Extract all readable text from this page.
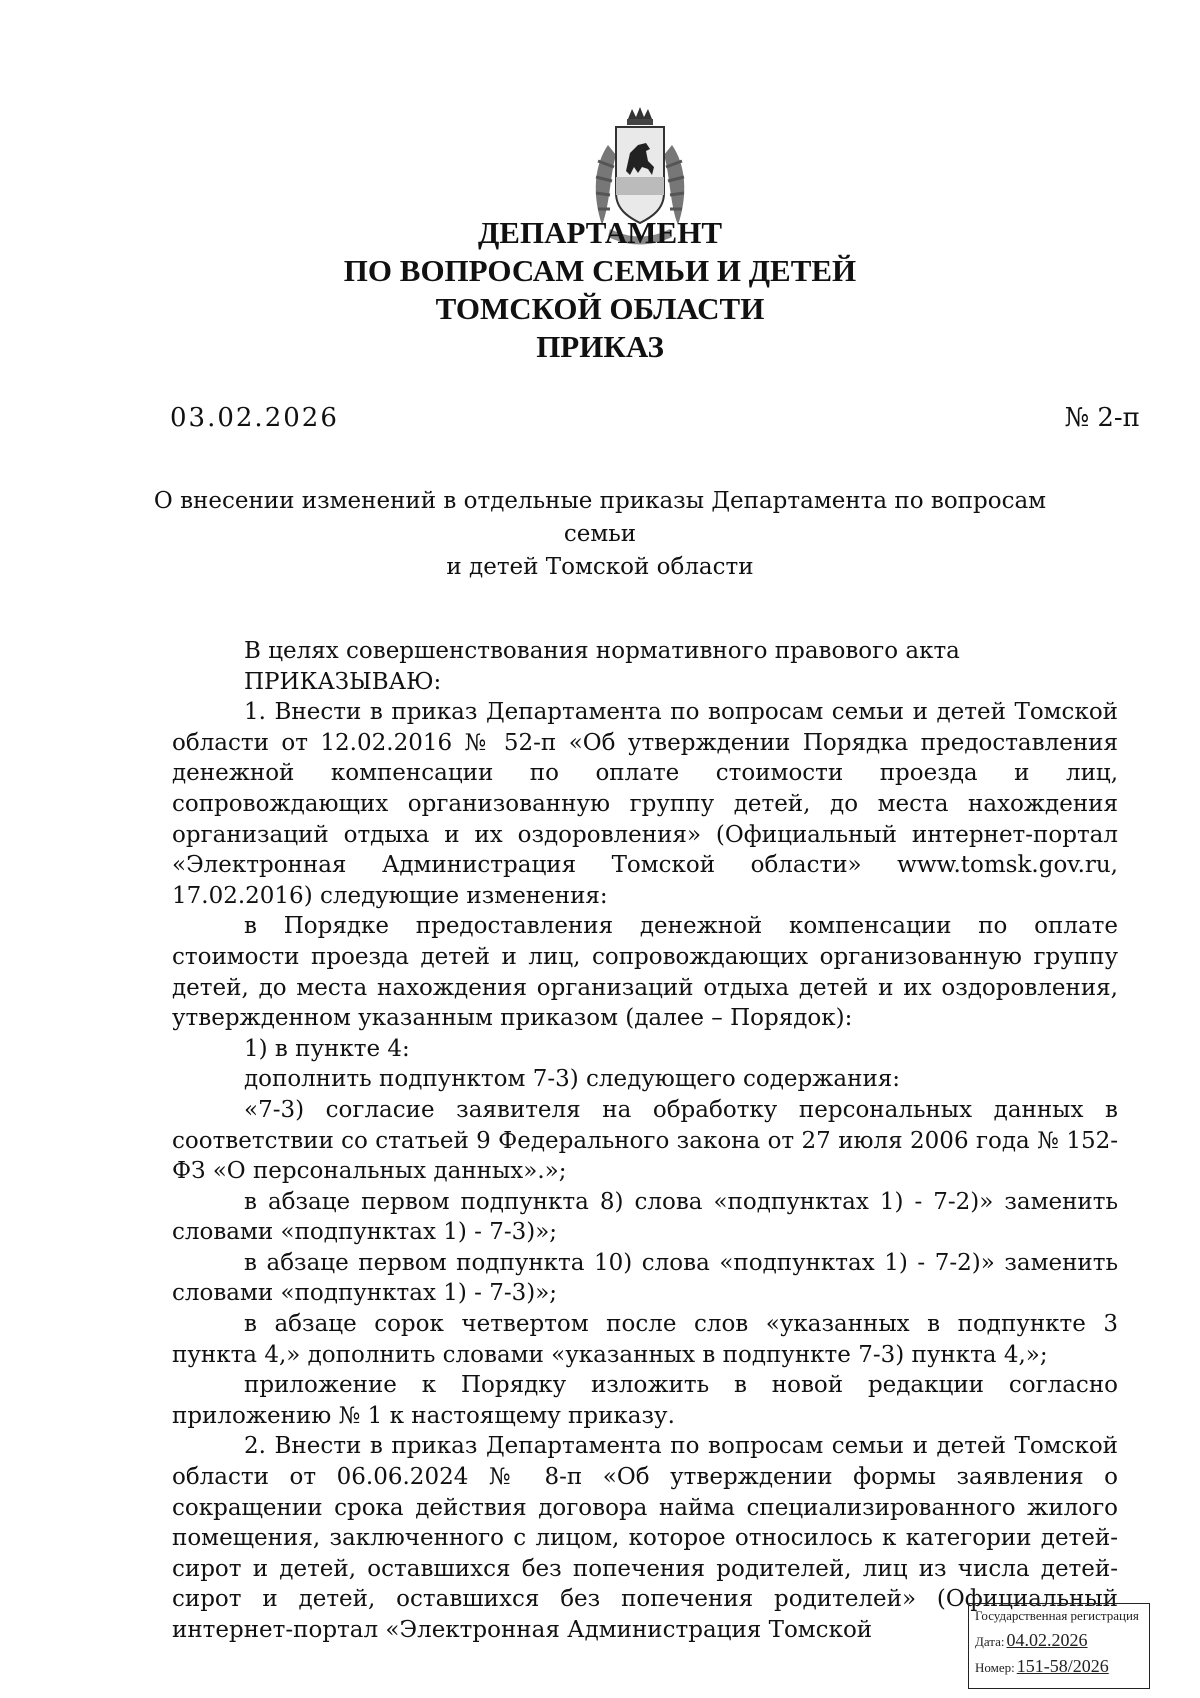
ДЕПАРТАМЕНТ
ПО ВОПРОСАМ СЕМЬИ И ДЕТЕЙ
ТОМСКОЙ ОБЛАСТИ
ПРИКАЗ
03.02.2026	№ 2-п
О внесении изменений в отдельные приказы Департамента по вопросам семьи
и детей Томской области

В целях совершенствования нормативного правового акта

ПРИКАЗЫВАЮ:

1. Внести в приказ Департамента по вопросам семьи и детей Томской области от 12.02.2016 № 52-п «Об утверждении Порядка предоставления денежной компенсации по оплате стоимости проезда и лиц, сопровождающих организованную группу детей, до места нахождения организаций отдыха и их оздоровления» (Официальный интернет-портал «Электронная Администрация Томской области» www.tomsk.gov.ru, 17.02.2016) следующие изменения:

в Порядке предоставления денежной компенсации по оплате стоимости проезда детей и лиц, сопровождающих организованную группу детей, до места нахождения организаций отдыха детей и их оздоровления, утвержденном указанным приказом (далее – Порядок):

1) в пункте 4:

дополнить подпунктом 7-3) следующего содержания:

«7-3) согласие заявителя на обработку персональных данных в соответствии со статьей 9 Федерального закона от 27 июля 2006 года № 152-ФЗ «О персональных данных».»;

в абзаце первом подпункта 8) слова «подпунктах 1) - 7-2)» заменить словами «подпунктах 1) - 7-3)»;

в абзаце первом подпункта 10) слова «подпунктах 1) - 7-2)» заменить словами «подпунктах 1) - 7-3)»;

в абзаце сорок четвертом после слов «указанных в подпункте 3 пункта 4,» дополнить словами «указанных в подпункте 7-3) пункта 4,»;

приложение к Порядку изложить в новой редакции согласно приложению № 1 к настоящему приказу.

2. Внести в приказ Департамента по вопросам семьи и детей Томской области от 06.06.2024 № 8-п «Об утверждении формы заявления о сокращении срока действия договора найма специализированного жилого помещения, заключенного с лицом, которое относилось к категории детей-сирот и детей, оставшихся без попечения родителей, лиц из числа детей-сирот и детей, оставшихся без попечения родителей» (Официальный интернет-портал «Электронная Администрация Томской

Государственная регистрация
Дата: 04.02.2026
Номер: 151-58/2026
